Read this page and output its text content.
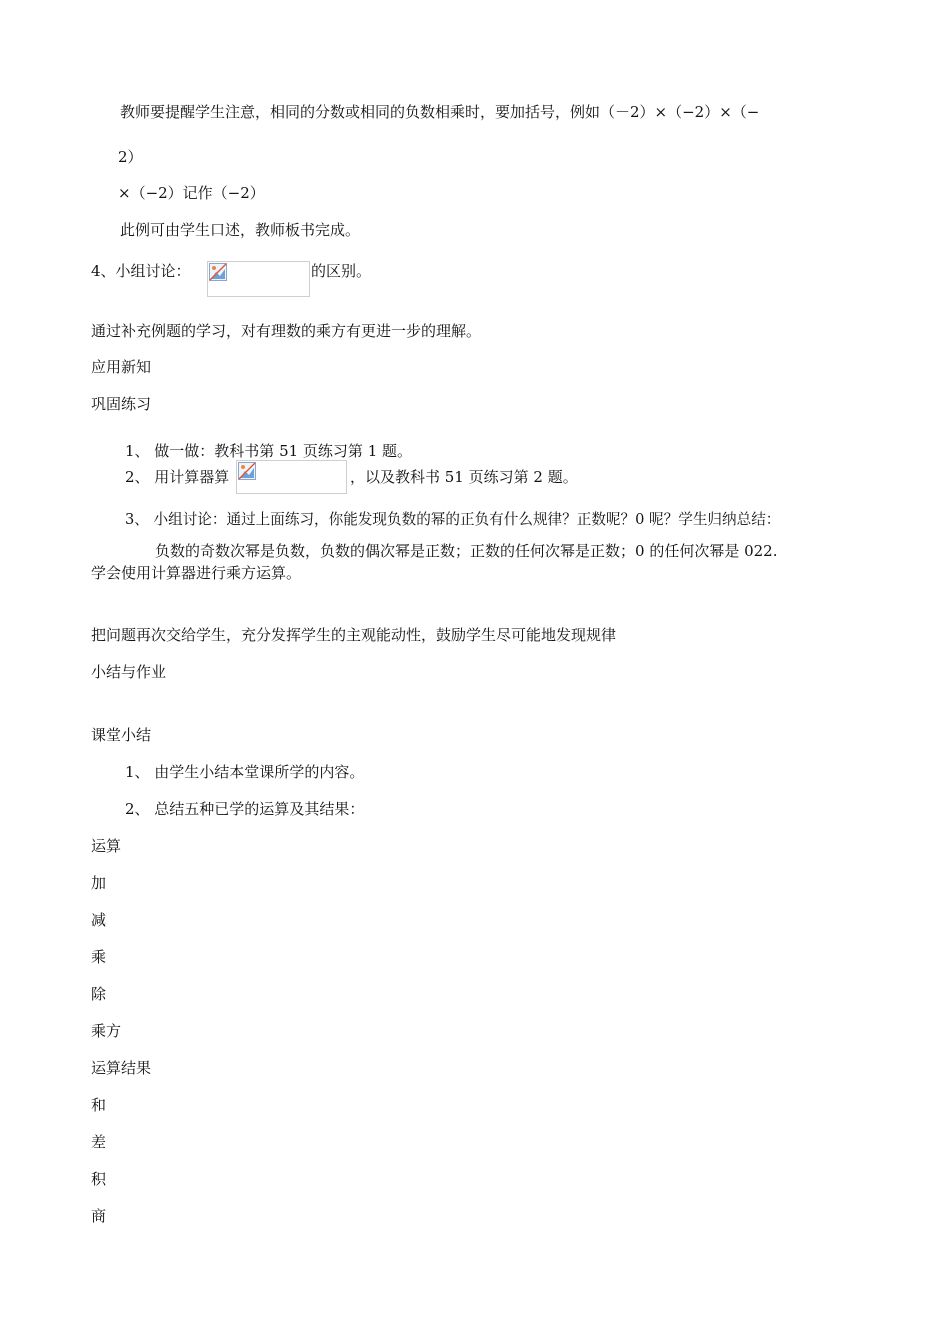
教师要提醒学生注意，相同的分数或相同的负数相乘时，要加括号，例如（－2）×（−2）×（−

2）

×（−2）记作（−2）

此例可由学生口述，教师板书完成。

4、小组讨论：	的区别。

通过补充例题的学习，对有理数的乘方有更进一步的理解。

应用新知

巩固练习

1、 做一做：教科书第 51 页练习第 1 题。

2、 用计算器算	，以及教科书 51 页练习第 2 题。

3、 小组讨论：通过上面练习，你能发现负数的幂的正负有什么规律？正数呢？0 呢？学生归纳总结：

负数的奇数次幂是负数，负数的偶次幂是正数；正数的任何次幂是正数；0 的任何次幂是 022.

学会使用计算器进行乘方运算。

把问题再次交给学生，充分发挥学生的主观能动性，鼓励学生尽可能地发现规律

小结与作业

课堂小结

1、 由学生小结本堂课所学的内容。

2、 总结五种已学的运算及其结果：

运算

加

减

乘

除

乘方

运算结果

和

差

积

商
